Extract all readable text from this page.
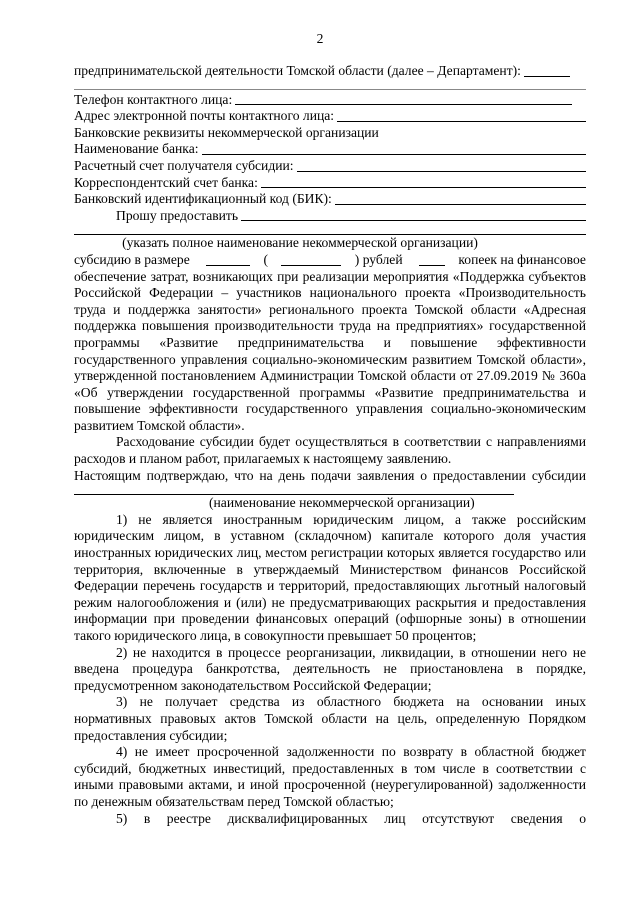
2
предпринимательской деятельности Томской области (далее – Департамент):
Телефон контактного лица:
Адрес электронной почты контактного лица:
Банковские реквизиты некоммерческой организации
Наименование банка:
Расчетный счет получателя субсидии:
Корреспондентский счет банка:
Банковский идентификационный код (БИК):
Прошу предоставить
(указать полное наименование некоммерческой организации)
субсидию в размере	(	) рублей	копеек на финансовое
обеспечение затрат, возникающих при реализации мероприятия «Поддержка субъектов Российской Федерации – участников национального проекта «Производительность труда и поддержка занятости» регионального проекта Томской области «Адресная поддержка повышения производительности труда на предприятиях» государственной программы «Развитие предпринимательства и повышение эффективности государственного управления социально-экономическим развитием Томской области», утвержденной постановлением Администрации Томской области от 27.09.2019 № 360а «Об утверждении государственной программы «Развитие предпринимательства и повышение эффективности государственного управления социально-экономическим развитием Томской области».
Расходование субсидии будет осуществляться в соответствии с направлениями расходов и планом работ, прилагаемых к настоящему заявлению.
Настоящим подтверждаю, что на день подачи заявления о предоставлении субсидии
(наименование некоммерческой организации)
1) не является иностранным юридическим лицом, а также российским юридическим лицом, в уставном (складочном) капитале которого доля участия иностранных юридических лиц, местом регистрации которых является государство или территория, включенные в утверждаемый Министерством финансов Российской Федерации перечень государств и территорий, предоставляющих льготный налоговый режим налогообложения и (или) не предусматривающих раскрытия и предоставления информации при проведении финансовых операций (офшорные зоны) в отношении такого юридического лица, в совокупности превышает 50 процентов;
2) не находится в процессе реорганизации, ликвидации, в отношении него не введена процедура банкротства, деятельность не приостановлена в порядке, предусмотренном законодательством Российской Федерации;
3) не получает средства из областного бюджета на основании иных нормативных правовых актов Томской области на цель, определенную Порядком предоставления субсидии;
4) не имеет просроченной задолженности по возврату в областной бюджет субсидий, бюджетных инвестиций, предоставленных в том числе в соответствии с иными правовыми актами, и иной просроченной (неурегулированной) задолженности по денежным обязательствам перед Томской областью;
5) в реестре дисквалифицированных лиц отсутствуют сведения о
